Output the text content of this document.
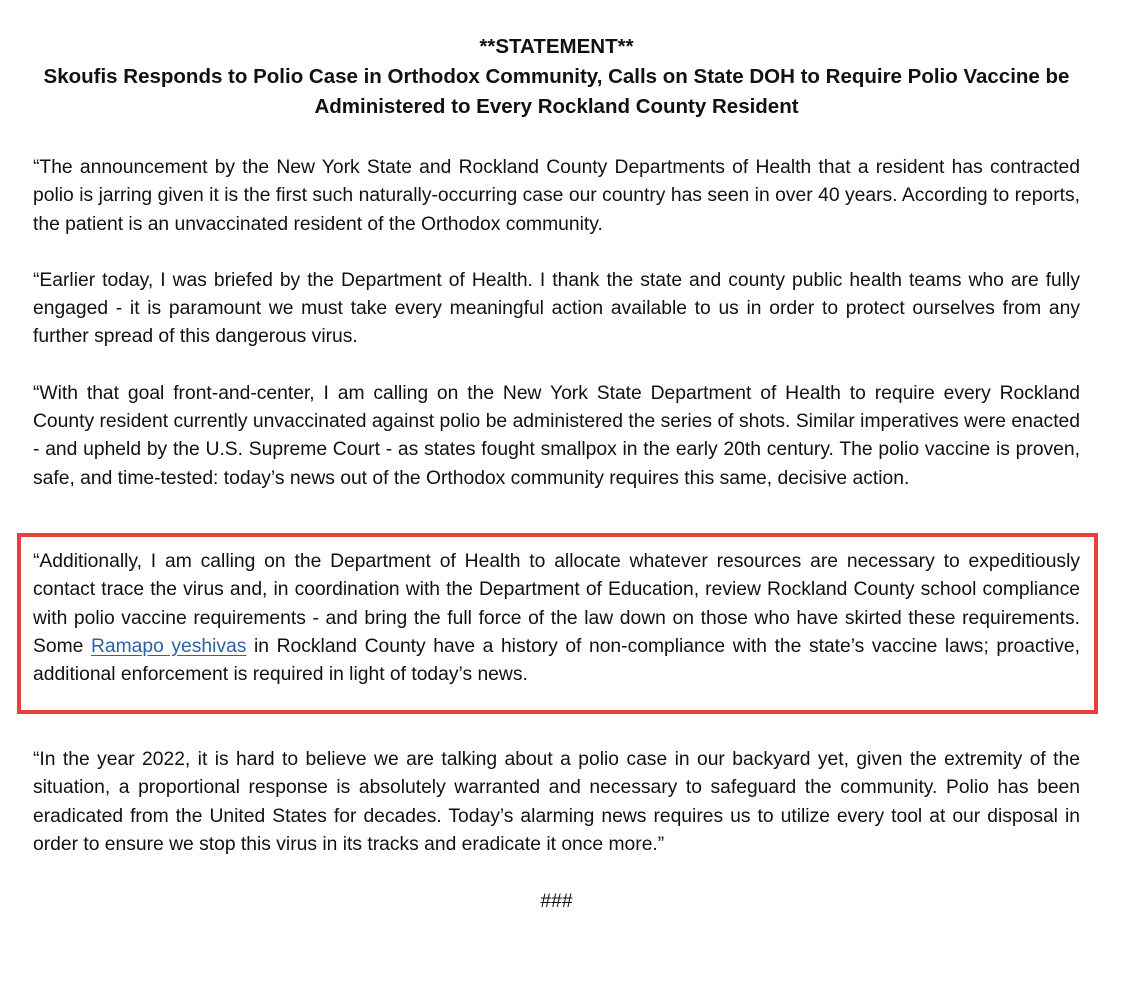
**STATEMENT**

Skoufis Responds to Polio Case in Orthodox Community, Calls on State DOH to Require Polio Vaccine be Administered to Every Rockland County Resident

“The announcement by the New York State and Rockland County Departments of Health that a resident has contracted polio is jarring given it is the first such naturally-occurring case our country has seen in over 40 years. According to reports, the patient is an unvaccinated resident of the Orthodox community.

“Earlier today, I was briefed by the Department of Health. I thank the state and county public health teams who are fully engaged - it is paramount we must take every meaningful action available to us in order to protect ourselves from any further spread of this dangerous virus.

“With that goal front-and-center, I am calling on the New York State Department of Health to require every Rockland County resident currently unvaccinated against polio be administered the series of shots. Similar imperatives were enacted - and upheld by the U.S. Supreme Court - as states fought smallpox in the early 20th century. The polio vaccine is proven, safe, and time-tested: today’s news out of the Orthodox community requires this same, decisive action.

“Additionally, I am calling on the Department of Health to allocate whatever resources are necessary to expeditiously contact trace the virus and, in coordination with the Department of Education, review Rockland County school compliance with polio vaccine requirements - and bring the full force of the law down on those who have skirted these requirements. Some Ramapo yeshivas in Rockland County have a history of non-compliance with the state’s vaccine laws; proactive, additional enforcement is required in light of today’s news.

“In the year 2022, it is hard to believe we are talking about a polio case in our backyard yet, given the extremity of the situation, a proportional response is absolutely warranted and necessary to safeguard the community. Polio has been eradicated from the United States for decades. Today’s alarming news requires us to utilize every tool at our disposal in order to ensure we stop this virus in its tracks and eradicate it once more.”

###
